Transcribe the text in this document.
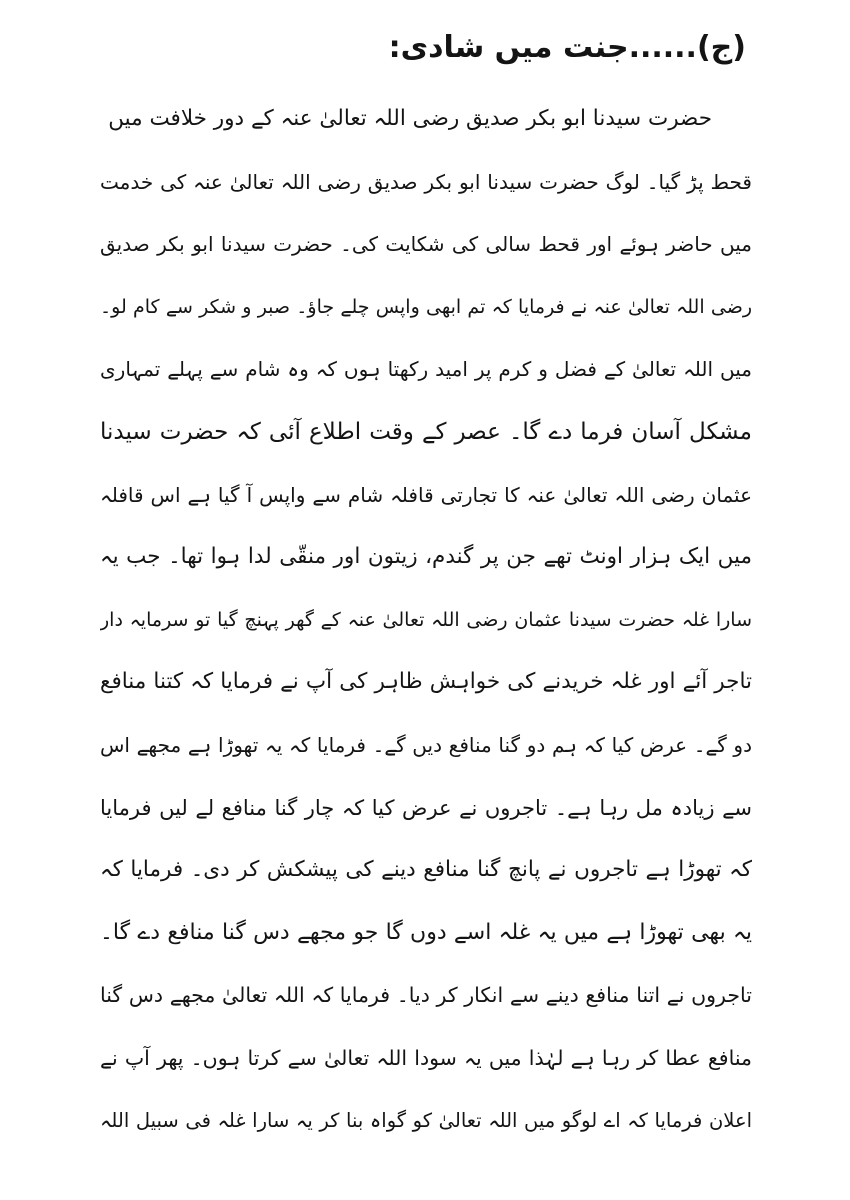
(ج)......جنت میں شادی:
حضرت سیدنا ابو بکر صدیق رضی اللہ تعالیٰ عنہ کے دور خلافت میں
قحط پڑ گیا۔ لوگ حضرت سیدنا ابو بکر صدیق رضی اللہ تعالیٰ عنہ کی خدمت
میں حاضر ہوئے اور قحط سالی کی شکایت کی۔ حضرت سیدنا ابو بکر صدیق
رضی اللہ تعالیٰ عنہ نے فرمایا کہ تم ابھی واپس چلے جاؤ۔ صبر و شکر سے کام لو۔
میں اللہ تعالیٰ کے فضل و کرم پر امید رکھتا ہوں کہ وہ شام سے پہلے تمہاری
مشکل آسان فرما دے گا۔ عصر کے وقت اطلاع آئی کہ حضرت سیدنا
عثمان رضی اللہ تعالیٰ عنہ کا تجارتی قافلہ شام سے واپس آ گیا ہے اس قافلہ
میں ایک ہزار اونٹ تھے جن پر گندم، زیتون اور منقّی لدا ہوا تھا۔ جب یہ
سارا غلہ حضرت سیدنا عثمان رضی اللہ تعالیٰ عنہ کے گھر پہنچ گیا تو سرمایہ دار
تاجر آئے اور غلہ خریدنے کی خواہش ظاہر کی آپ نے فرمایا کہ کتنا منافع
دو گے۔ عرض کیا کہ ہم دو گنا منافع دیں گے۔ فرمایا کہ یہ تھوڑا ہے مجھے اس
سے زیادہ مل رہا ہے۔ تاجروں نے عرض کیا کہ چار گنا منافع لے لیں فرمایا
کہ تھوڑا ہے تاجروں نے پانچ گنا منافع دینے کی پیشکش کر دی۔ فرمایا کہ
یہ بھی تھوڑا ہے میں یہ غلہ اسے دوں گا جو مجھے دس گنا منافع دے گا۔
تاجروں نے اتنا منافع دینے سے انکار کر دیا۔ فرمایا کہ اللہ تعالیٰ مجھے دس گنا
منافع عطا کر رہا ہے لہٰذا میں یہ سودا اللہ تعالیٰ سے کرتا ہوں۔ پھر آپ نے
اعلان فرمایا کہ اے لوگو میں اللہ تعالیٰ کو گواہ بنا کر یہ سارا غلہ فی سبیل اللہ
